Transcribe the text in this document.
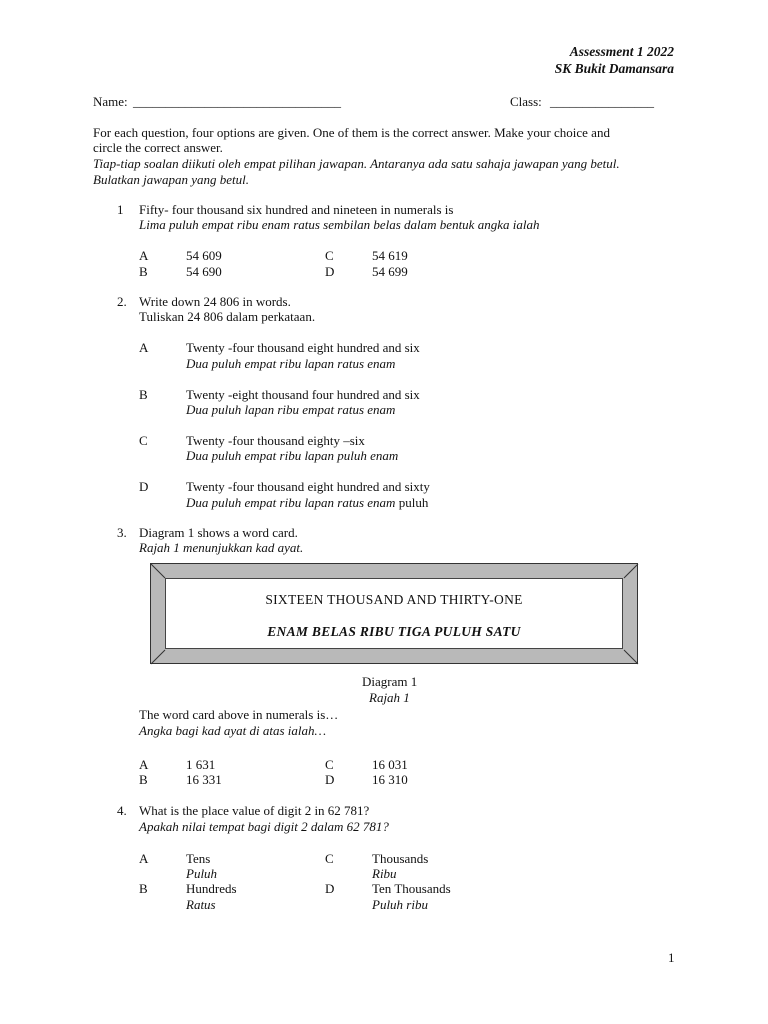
Assessment 1 2022
SK Bukit Damansara
Name: ________________________________	Class: ________________
For each question, four options are given. One of them is the correct answer. Make your choice and
circle the correct answer.
Tiap-tiap soalan diikuti oleh empat pilihan jawapan. Antaranya ada satu sahaja jawapan yang betul.
Bulatkan jawapan yang betul.
1 Fifty- four thousand six hundred and nineteen in numerals is
Lima puluh empat ribu enam ratus sembilan belas dalam bentuk angka ialah
A	54 609
B	54 690
C	54 619
D	54 699
2. Write down 24 806 in words.
Tuliskan 24 806 dalam perkataan.
A	Twenty -four thousand eight hundred and six
Dua puluh empat ribu lapan ratus enam
B	Twenty -eight thousand four hundred and six
Dua puluh lapan ribu empat ratus enam
C	Twenty -four thousand eighty –six
Dua puluh empat ribu lapan puluh enam
D	Twenty -four thousand eight hundred and sixty
Dua puluh empat ribu lapan ratus enam puluh
3. Diagram 1 shows a word card.
Rajah 1 menunjukkan kad ayat.
SIXTEEN THOUSAND AND THIRTY-ONE
ENAM BELAS RIBU TIGA PULUH SATU
Diagram 1
Rajah 1
The word card above in numerals is…
Angka bagi kad ayat di atas ialah…
A	1 631
B	16 331
C	16 031
D	16 310
4. What is the place value of digit 2 in 62 781?
Apakah nilai tempat bagi digit 2 dalam 62 781?
A	Tens
Puluh
B	Hundreds
Ratus
C	Thousands
Ribu
D	Ten Thousands
Puluh ribu
1
